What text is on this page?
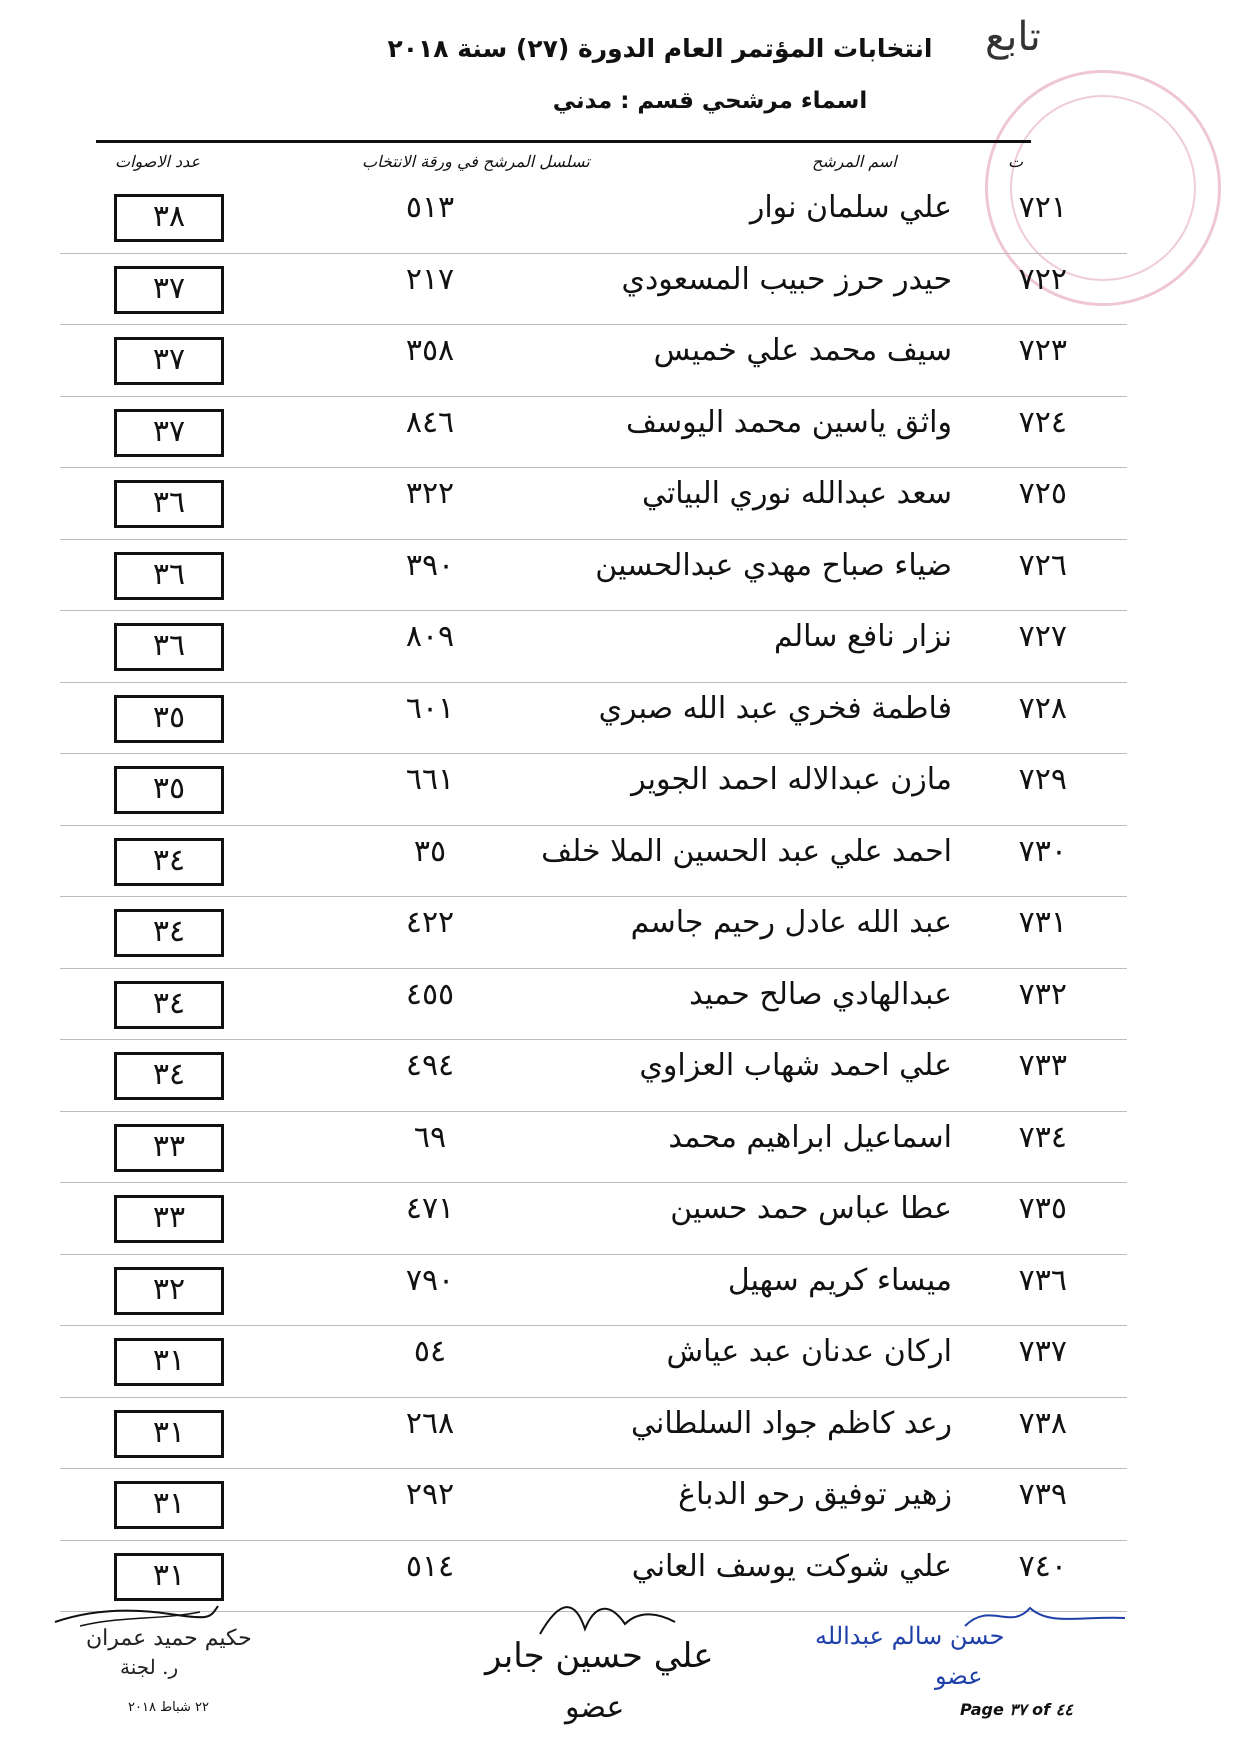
تابع
انتخابات المؤتمر العام الدورة (٢٧) سنة ٢٠١٨
اسماء مرشحي قسم : مدني
ت
اسم المرشح
تسلسل المرشح في ورقة الانتخاب
عدد الاصوات
٧٢١
علي سلمان نوار
٥١٣
٣٨
٧٢٢
حيدر حرز حبيب المسعودي
٢١٧
٣٧
٧٢٣
سيف محمد علي خميس
٣٥٨
٣٧
٧٢٤
واثق ياسين محمد اليوسف
٨٤٦
٣٧
٧٢٥
سعد عبدالله نوري البياتي
٣٢٢
٣٦
٧٢٦
ضياء صباح مهدي عبدالحسين
٣٩٠
٣٦
٧٢٧
نزار نافع سالم
٨٠٩
٣٦
٧٢٨
فاطمة فخري عبد الله صبري
٦٠١
٣٥
٧٢٩
مازن عبدالاله احمد الجوير
٦٦١
٣٥
٧٣٠
احمد علي عبد الحسين الملا خلف
٣٥
٣٤
٧٣١
عبد الله عادل رحيم جاسم
٤٢٢
٣٤
٧٣٢
عبدالهادي صالح حميد
٤٥٥
٣٤
٧٣٣
علي احمد شهاب العزاوي
٤٩٤
٣٤
٧٣٤
اسماعيل ابراهيم محمد
٦٩
٣٣
٧٣٥
عطا عباس حمد حسين
٤٧١
٣٣
٧٣٦
ميساء كريم سهيل
٧٩٠
٣٢
٧٣٧
اركان عدنان عبد عياش
٥٤
٣١
٧٣٨
رعد كاظم جواد السلطاني
٢٦٨
٣١
٧٣٩
زهير توفيق رحو الدباغ
٢٩٢
٣١
٧٤٠
علي شوكت يوسف العاني
٥١٤
٣١
حكيم حميد عمران
ر. لجنة
٢٢ شباط ٢٠١٨
علي حسين جابر
عضو
حسن سالم عبدالله
عضو
Page ٣٧ of ٤٤
